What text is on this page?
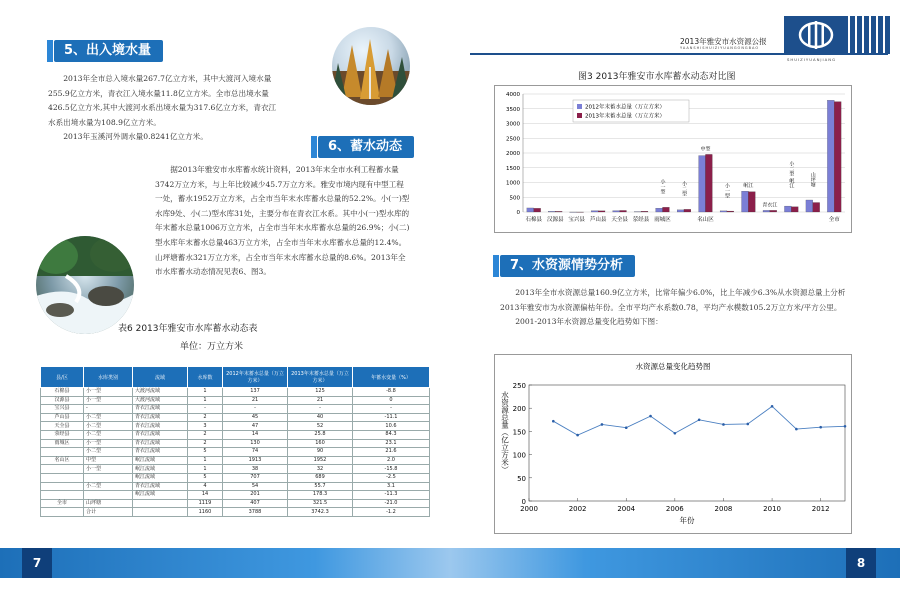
5、出入境水量

2013年全市总入境水量267.7亿立方米，其中大渡河入境水量255.9亿立方米，青衣江入境水量11.8亿立方米。全市总出境水量426.5亿立方米,其中大渡河水系出境水量为317.6亿立方米，青衣江水系出境水量为108.9亿立方米。

2013年玉溪河外调水量0.8241亿立方米。

6、蓄水动态

据2013年雅安市水库蓄水统计资料，2013年末全市水利工程蓄水量3742万立方米，与上年比较减少45.7万立方米。雅安市境内现有中型工程一处，蓄水1952万立方米，占全市当年末水库蓄水总量的52.2%。小(一)型水库9处、小(二)型水库31处，主要分布在青衣江水系。其中小(一)型水库的年末蓄水总量1006万立方米，占全市当年末水库蓄水总量的26.9%；小(二)型水库年末蓄水总量463万立方米，占全市当年末水库蓄水总量的12.4%。山坪塘蓄水321万立方米，占全市当年末水库蓄水总量的8.6%。2013年全市水库蓄水动态情况见表6、图3。

表6 2013年雅安市水库蓄水动态表
单位：万立方米
县/区	水库类别	流域	水库数	2012年末蓄水总量（万立方米）	2013年末蓄水总量（万立方米）	年蓄水变量（%）
石棉县	小一型	大渡河流域	1	137	125	-8.8
汉源县	小一型	大渡河流域	1	21	21	0
宝兴县	-	青衣江流域	-	-	-	-
芦山县	小二型	青衣江流域	2	45	40	-11.1
天全县	小二型	青衣江流域	3	47	52	10.6
荥经县	小二型	青衣江流域	2	14	25.8	84.3
雨城区	小一型	青衣江流域	2	130	160	23.1
	小二型	青衣江流域	5	74	90	21.6
名山区	中型	岷江流域	1	1913	1952	2.0
	小一型	岷江流域	1	38	32	-15.8
		岷江流域	5	707	689	-2.5
	小二型	青衣江流域	4	54	55.7	3.1
		岷江流域	14	201	178.3	-11.3
全市	山坪塘		1119	407	321.5	-21.0
	合计		1160	3788	3742.3	-1.2
2013年雅安市水资源公报
YAANSHISHUIZIYUANGONGBAO
SHUIZIYUANJIANG
图3 2013年雅安市水库蓄水动态对比图
0
500
1000
1500
2000
2500
3000
3500
4000
石棉县 汉源县 宝兴县 芦山县 天全县 荥经县 雨城区	名山区	全市
小一型	小二型
中型
小一型	岷江
青衣江
小二型 岷江	山坪塘
2012年末蓄水总量（万立方米）
2013年末蓄水总量（万立方米）
7、水资源情势分析

2013年全市水资源总量160.9亿立方米，比常年偏少6.0%，比上年减少6.3%从水资源总量上分析2013年雅安市为水资源偏枯年份。全市平均产水系数0.78，平均产水模数105.2万立方米/平方公里。

2001-2013年水资源总量变化趋势如下图：

水资源总量变化趋势图
0
50
100
150
200
250
2000	2002	2004	2006	2008	2010	2012
年份
水资源总量（亿立方米）
7	8
